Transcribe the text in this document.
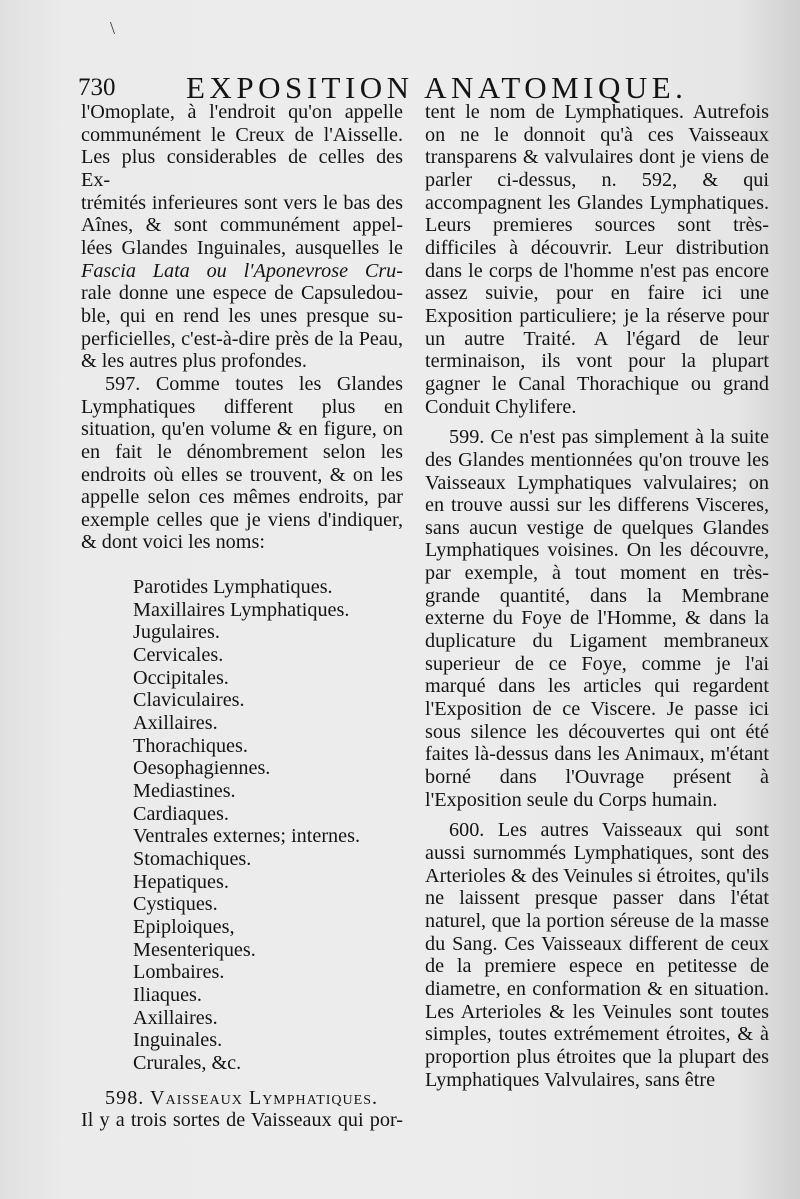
\
730 EXPOSITION ANATOMIQUE.

l'Omoplate, à l'endroit qu'on appelle

communément le Creux de l'Aisselle.

Les plus considerables de celles des Ex-

trémités inferieures sont vers le bas des

Aînes, & sont communément appel-

lées Glandes Inguinales, ausquelles le

Fascia Lata ou l'Aponevrose Cru-

rale donne une espece de Capsuledou-

ble, qui en rend les unes presque su-

perficielles, c'est-à-dire près de la Peau,

& les autres plus profondes.

597. Comme toutes les Glandes Lymphatiques different plus en situation, qu'en volume & en figure, on en fait le dénombrement selon les endroits où elles se trouvent, & on les appelle selon ces mêmes endroits, par exemple celles que je viens d'indiquer, & dont voici les noms:

Parotides Lymphatiques.
Maxillaires Lymphatiques.
Jugulaires.
Cervicales.
Occipitales.
Claviculaires.
Axillaires.
Thorachiques.
Oesophagiennes.
Mediastines.
Cardiaques.
Ventrales externes; internes.
Stomachiques.
Hepatiques.
Cystiques.
Epiploiques,
Mesenteriques.
Lombaires.
Iliaques.
Axillaires.
Inguinales.
Crurales, &c.

598. Vaisseaux Lymphatiques.

Il y a trois sortes de Vaisseaux qui por-

tent le nom de Lymphatiques. Autrefois on ne le donnoit qu'à ces Vaisseaux transparens & valvulaires dont je viens de parler ci-dessus, n. 592, & qui accompagnent les Glandes Lymphatiques. Leurs premieres sources sont très-difficiles à découvrir. Leur distribution dans le corps de l'homme n'est pas encore assez suivie, pour en faire ici une Exposition particuliere; je la réserve pour un autre Traité. A l'égard de leur terminaison, ils vont pour la plupart gagner le Canal Thorachique ou grand Conduit Chylifere.

599. Ce n'est pas simplement à la suite des Glandes mentionnées qu'on trouve les Vaisseaux Lymphatiques valvulaires; on en trouve aussi sur les differens Visceres, sans aucun vestige de quelques Glandes Lymphatiques voisines. On les découvre, par exemple, à tout moment en très-grande quantité, dans la Membrane externe du Foye de l'Homme, & dans la duplicature du Ligament membraneux superieur de ce Foye, comme je l'ai marqué dans les articles qui regardent l'Exposition de ce Viscere. Je passe ici sous silence les découvertes qui ont été faites là-dessus dans les Animaux, m'étant borné dans l'Ouvrage présent à l'Exposition seule du Corps humain.

600. Les autres Vaisseaux qui sont aussi surnommés Lymphatiques, sont des Arterioles & des Veinules si étroites, qu'ils ne laissent presque passer dans l'état naturel, que la portion séreuse de la masse du Sang. Ces Vaisseaux different de ceux de la premiere espece en petitesse de diametre, en conformation & en situation. Les Arterioles & les Veinules sont toutes simples, toutes extrémement étroites, & à proportion plus étroites que la plupart des Lymphatiques Valvulaires, sans être
